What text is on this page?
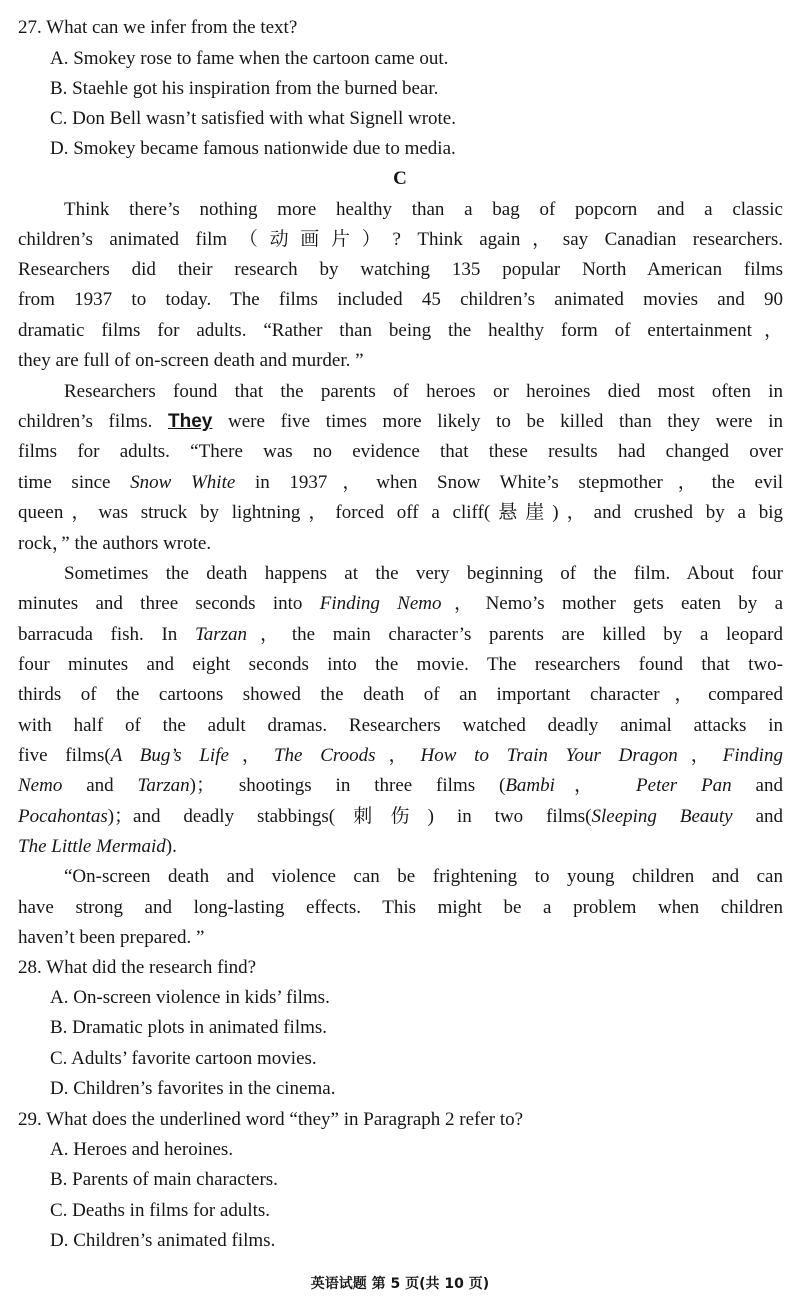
27. What can we infer from the text?
A. Smokey rose to fame when the cartoon came out.
B. Staehle got his inspiration from the burned bear.
C. Don Bell wasn’t satisfied with what Signell wrote.
D. Smokey became famous nationwide due to media.
C
Think there’s nothing more healthy than a bag of popcorn and a classic
children’s animated film（动画片）? Think again，say Canadian researchers.
Researchers did their research by watching 135 popular North American films
from 1937 to today. The films included 45 children’s animated movies and 90
dramatic films for adults. “Rather than being the healthy form of entertainment，
they are full of on-screen death and murder. ”
Researchers found that the parents of heroes or heroines died most often in
children’s films. They were five times more likely to be killed than they were in
films for adults. “There was no evidence that these results had changed over
time since Snow White in 1937，when Snow White’s stepmother，the evil
queen，was struck by lightning，forced off a cliff(悬崖)，and crushed by a big
rock，” the authors wrote.
Sometimes the death happens at the very beginning of the film. About four
minutes and three seconds into Finding Nemo，Nemo’s mother gets eaten by a
barracuda fish. In Tarzan，the main character’s parents are killed by a leopard
four minutes and eight seconds into the movie. The researchers found that two-
thirds of the cartoons showed the death of an important character，compared
with half of the adult dramas. Researchers watched deadly animal attacks in
five films(A Bug’s Life，The Croods，How to Train Your Dragon，Finding
Nemo and Tarzan)； shootings in three films (Bambi， Peter Pan and
Pocahontas)；and deadly stabbings(刺伤) in two films(Sleeping Beauty and
The Little Mermaid).
“On-screen death and violence can be frightening to young children and can
have strong and long-lasting effects. This might be a problem when children
haven’t been prepared. ”
28. What did the research find?
A. On-screen violence in kids’ films.
B. Dramatic plots in animated films.
C. Adults’ favorite cartoon movies.
D. Children’s favorites in the cinema.
29. What does the underlined word “they” in Paragraph 2 refer to?
A. Heroes and heroines.
B. Parents of main characters.
C. Deaths in films for adults.
D. Children’s animated films.
英语试题 第 5 页(共 10 页)
